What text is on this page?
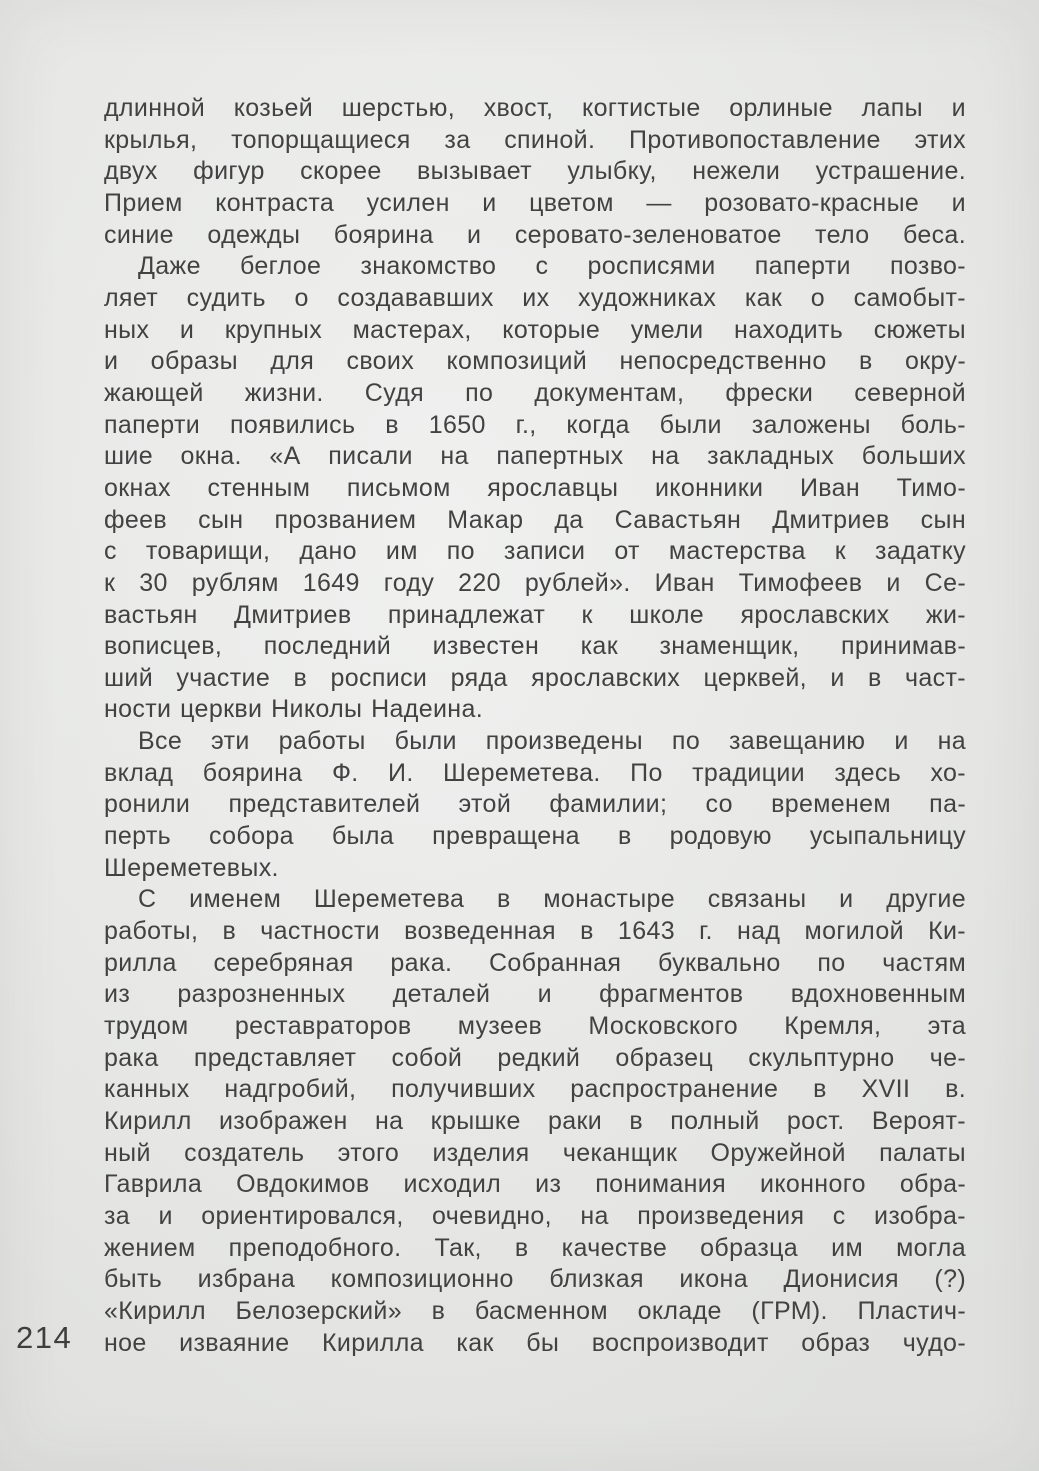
длинной козьей шерстью, хвост, когтистые орлиные лапы и
крылья, топорщащиеся за спиной. Противопоставление этих
двух фигур скорее вызывает улыбку, нежели устрашение.
Прием контраста усилен и цветом — розовато-красные и
синие одежды боярина и серовато-зеленоватое тело беса.
Даже беглое знакомство с росписями паперти позво-
ляет судить о создававших их художниках как о самобыт-
ных и крупных мастерах, которые умели находить сюжеты
и образы для своих композиций непосредственно в окру-
жающей жизни. Судя по документам, фрески северной
паперти появились в 1650 г., когда были заложены боль-
шие окна. «А писали на папертных на закладных больших
окнах стенным письмом ярославцы иконники Иван Тимо-
феев сын прозванием Макар да Савастьян Дмитриев сын
с товарищи, дано им по записи от мастерства к задатку
к 30 рублям 1649 году 220 рублей». Иван Тимофеев и Се-
вастьян Дмитриев принадлежат к школе ярославских жи-
вописцев, последний известен как знаменщик, принимав-
ший участие в росписи ряда ярославских церквей, и в част-
ности церкви Николы Надеина.
Все эти работы были произведены по завещанию и на
вклад боярина Ф. И. Шереметева. По традиции здесь хо-
ронили представителей этой фамилии; со временем па-
перть собора была превращена в родовую усыпальницу
Шереметевых.
С именем Шереметева в монастыре связаны и другие
работы, в частности возведенная в 1643 г. над могилой Ки-
рилла серебряная рака. Собранная буквально по частям
из разрозненных деталей и фрагментов вдохновенным
трудом реставраторов музеев Московского Кремля, эта
рака представляет собой редкий образец скульптурно че-
канных надгробий, получивших распространение в XVII в.
Кирилл изображен на крышке раки в полный рост. Вероят-
ный создатель этого изделия чеканщик Оружейной палаты
Гаврила Овдокимов исходил из понимания иконного обра-
за и ориентировался, очевидно, на произведения с изобра-
жением преподобного. Так, в качестве образца им могла
быть избрана композиционно близкая икона Дионисия (?)
«Кирилл Белозерский» в басменном окладе (ГРМ). Пластич-
ное изваяние Кирилла как бы воспроизводит образ чудо-
214
